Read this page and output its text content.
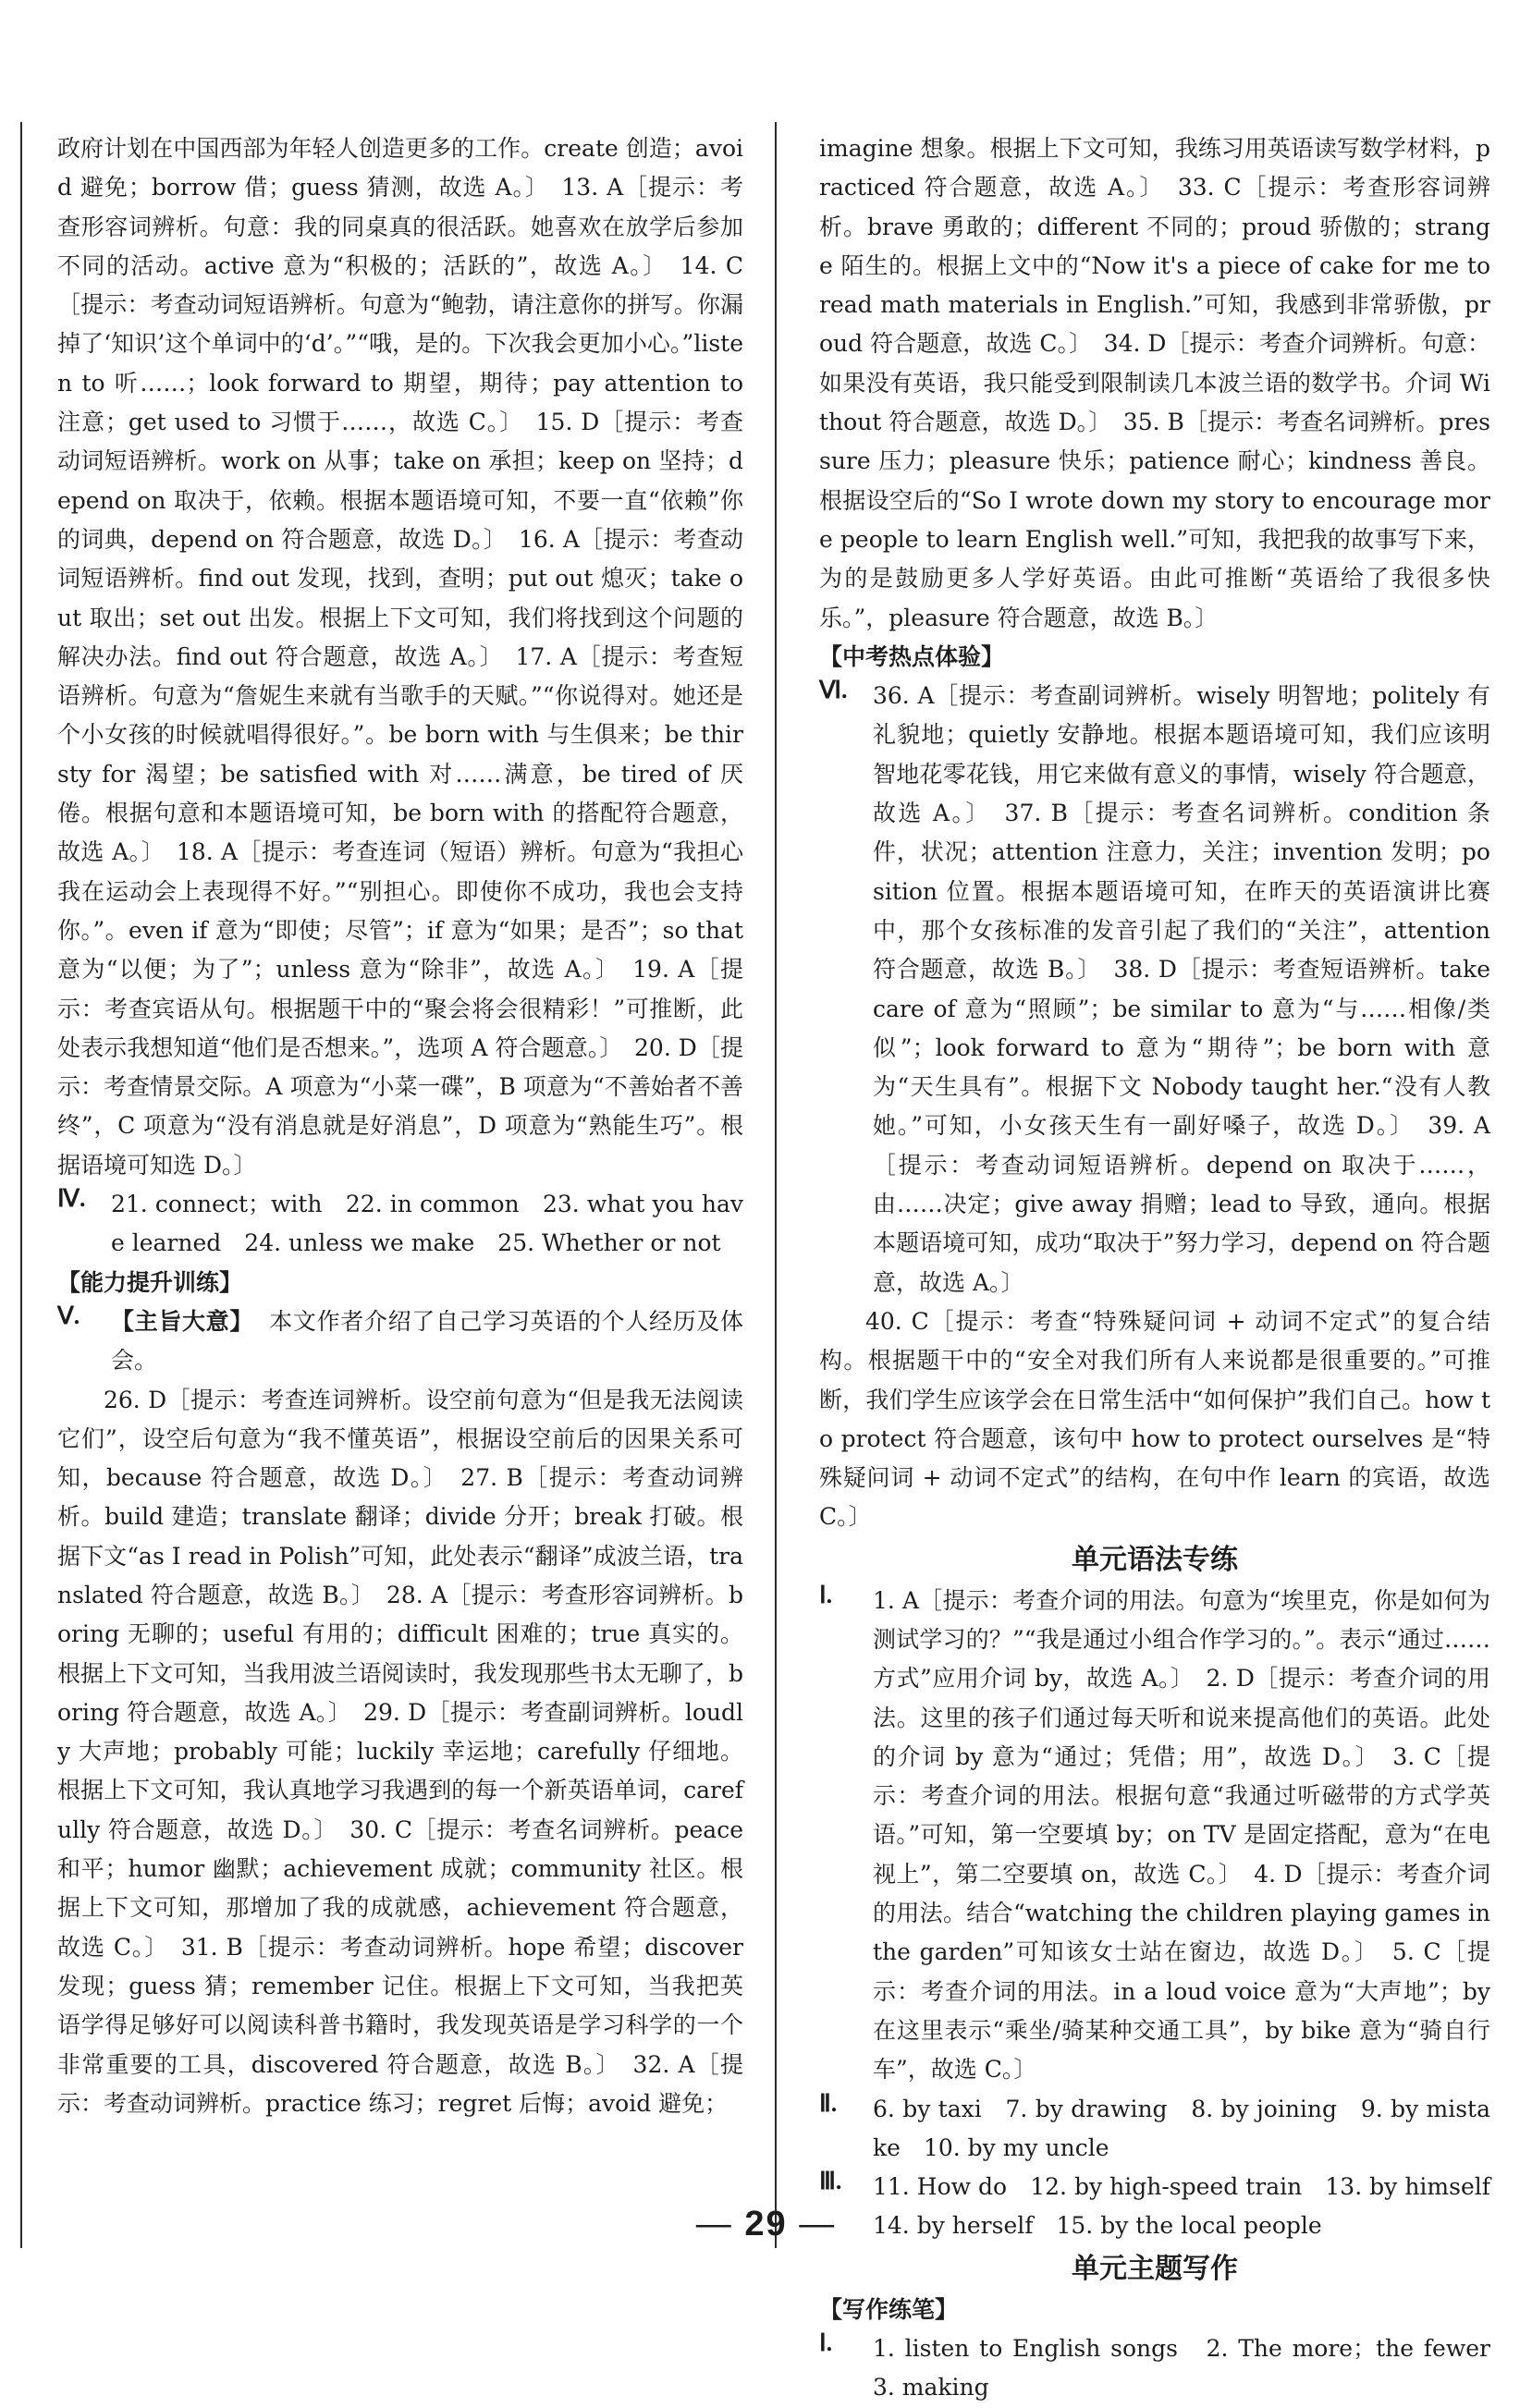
政府计划在中国西部为年轻人创造更多的工作。create 创造；avoid 避免；borrow 借；guess 猜测，故选 A。〕　13. A［提示：考查形容词辨析。句意：我的同桌真的很活跃。她喜欢在放学后参加不同的活动。active 意为“积极的；活跃的”，故选 A。〕　14. C［提示：考查动词短语辨析。句意为“鲍勃，请注意你的拼写。你漏掉了‘知识’这个单词中的‘d’。”“哦，是的。下次我会更加小心。”listen to 听……；look forward to 期望，期待；pay attention to 注意；get used to 习惯于……，故选 C。〕　15. D［提示：考查动词短语辨析。work on 从事；take on 承担；keep on 坚持；depend on 取决于，依赖。根据本题语境可知，不要一直“依赖”你的词典，depend on 符合题意，故选 D。〕　16. A［提示：考查动词短语辨析。find out 发现，找到，查明；put out 熄灭；take out 取出；set out 出发。根据上下文可知，我们将找到这个问题的解决办法。find out 符合题意，故选 A。〕　17. A［提示：考查短语辨析。句意为“詹妮生来就有当歌手的天赋。”“你说得对。她还是个小女孩的时候就唱得很好。”。be born with 与生俱来；be thirsty for 渴望；be satisfied with 对……满意，be tired of 厌倦。根据句意和本题语境可知，be born with 的搭配符合题意，故选 A。〕　18. A［提示：考查连词（短语）辨析。句意为“我担心我在运动会上表现得不好。”“别担心。即使你不成功，我也会支持你。”。even if 意为“即使；尽管”；if 意为“如果；是否”；so that 意为“以便；为了”；unless 意为“除非”，故选 A。〕　19. A［提示：考查宾语从句。根据题干中的“聚会将会很精彩！”可推断，此处表示我想知道“他们是否想来。”，选项 A 符合题意。〕　20. D［提示：考查情景交际。A 项意为“小菜一碟”，B 项意为“不善始者不善终”，C 项意为“没有消息就是好消息”，D 项意为“熟能生巧”。根据语境可知选 D。〕

Ⅳ. 21. connect；with　22. in common　23. what you have learned　24. unless we make　25. Whether or not

【能力提升训练】

Ⅴ. 【主旨大意】 本文作者介绍了自己学习英语的个人经历及体会。

26. D［提示：考查连词辨析。设空前句意为“但是我无法阅读它们”，设空后句意为“我不懂英语”，根据设空前后的因果关系可知，because 符合题意，故选 D。〕　27. B［提示：考查动词辨析。build 建造；translate 翻译；divide 分开；break 打破。根据下文“as I read in Polish”可知，此处表示“翻译”成波兰语，translated 符合题意，故选 B。〕　28. A［提示：考查形容词辨析。boring 无聊的；useful 有用的；difficult 困难的；true 真实的。根据上下文可知，当我用波兰语阅读时，我发现那些书太无聊了，boring 符合题意，故选 A。〕　29. D［提示：考查副词辨析。loudly 大声地；probably 可能；luckily 幸运地；carefully 仔细地。根据上下文可知，我认真地学习我遇到的每一个新英语单词，carefully 符合题意，故选 D。〕　30. C［提示：考查名词辨析。peace 和平；humor 幽默；achievement 成就；community 社区。根据上下文可知，那增加了我的成就感，achievement 符合题意，故选 C。〕　31. B［提示：考查动词辨析。hope 希望；discover 发现；guess 猜；remember 记住。根据上下文可知，当我把英语学得足够好可以阅读科普书籍时，我发现英语是学习科学的一个非常重要的工具，discovered 符合题意，故选 B。〕　32. A［提示：考查动词辨析。practice 练习；regret 后悔；avoid 避免；

imagine 想象。根据上下文可知，我练习用英语读写数学材料，practiced 符合题意，故选 A。〕　33. C［提示：考查形容词辨析。brave 勇敢的；different 不同的；proud 骄傲的；strange 陌生的。根据上文中的“Now it's a piece of cake for me to read math materials in English.”可知，我感到非常骄傲，proud 符合题意，故选 C。〕　34. D［提示：考查介词辨析。句意：如果没有英语，我只能受到限制读几本波兰语的数学书。介词 Without 符合题意，故选 D。〕　35. B［提示：考查名词辨析。pressure 压力；pleasure 快乐；patience 耐心；kindness 善良。根据设空后的“So I wrote down my story to encourage more people to learn English well.”可知，我把我的故事写下来，为的是鼓励更多人学好英语。由此可推断“英语给了我很多快乐。”，pleasure 符合题意，故选 B。〕

【中考热点体验】

Ⅵ. 36. A［提示：考查副词辨析。wisely 明智地；politely 有礼貌地；quietly 安静地。根据本题语境可知，我们应该明智地花零花钱，用它来做有意义的事情，wisely 符合题意，故选 A。〕　37. B［提示：考查名词辨析。condition 条件，状况；attention 注意力，关注；invention 发明；position 位置。根据本题语境可知，在昨天的英语演讲比赛中，那个女孩标准的发音引起了我们的“关注”，attention 符合题意，故选 B。〕　38. D［提示：考查短语辨析。take care of 意为“照顾”；be similar to 意为“与……相像/类似”；look forward to 意为“期待”；be born with 意为“天生具有”。根据下文 Nobody taught her.“没有人教她。”可知，小女孩天生有一副好嗓子，故选 D。〕　39. A［提示：考查动词短语辨析。depend on 取决于……，由……决定；give away 捐赠；lead to 导致，通向。根据本题语境可知，成功“取决于”努力学习，depend on 符合题意，故选 A。〕

40. C［提示：考查“特殊疑问词 + 动词不定式”的复合结构。根据题干中的“安全对我们所有人来说都是很重要的。”可推断，我们学生应该学会在日常生活中“如何保护”我们自己。how to protect 符合题意，该句中 how to protect ourselves 是“特殊疑问词 + 动词不定式”的结构，在句中作 learn 的宾语，故选 C。〕

单元语法专练
Ⅰ. 1. A［提示：考查介词的用法。句意为“埃里克，你是如何为测试学习的？”“我是通过小组合作学习的。”。表示“通过……方式”应用介词 by，故选 A。〕　2. D［提示：考查介词的用法。这里的孩子们通过每天听和说来提高他们的英语。此处的介词 by 意为“通过；凭借；用”，故选 D。〕　3. C［提示：考查介词的用法。根据句意“我通过听磁带的方式学英语。”可知，第一空要填 by；on TV 是固定搭配，意为“在电视上”，第二空要填 on，故选 C。〕　4. D［提示：考查介词的用法。结合“watching the children playing games in the garden”可知该女士站在窗边，故选 D。〕　5. C［提示：考查介词的用法。in a loud voice 意为“大声地”；by 在这里表示“乘坐/骑某种交通工具”，by bike 意为“骑自行车”，故选 C。〕

Ⅱ. 6. by taxi　7. by drawing　8. by joining　9. by mistake　10. by my uncle

Ⅲ. 11. How do　12. by high-speed train　13. by himself　14. by herself　15. by the local people

单元主题写作

【写作练笔】

Ⅰ. 1. listen to English songs　2. The more；the fewer　3. making

— 29  —
